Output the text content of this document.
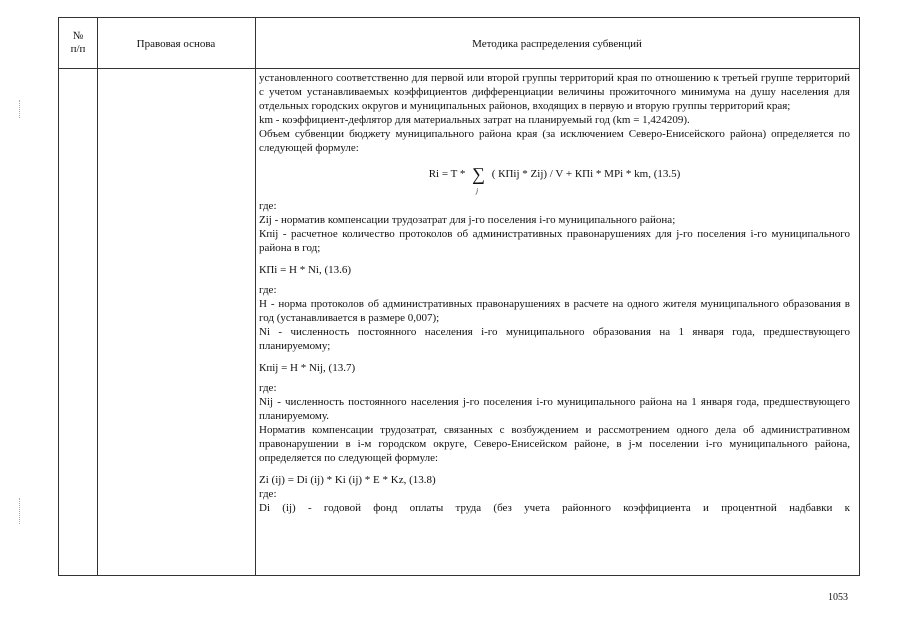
№
п/п	Правовая основа	Методика распределения субвенций

установленного соответственно для первой или второй группы территорий края по отношению к третьей группе территорий с учетом устанавливаемых коэффициентов дифференциации величины прожиточного минимума на душу населения для отдельных городских округов и муниципальных районов, входящих в первую и вторую группы территорий края;

km - коэффициент-дефлятор для материальных затрат на планируемый год (km = 1,424209).

Объем субвенции бюджету муниципального района края (за исключением Северо-Енисейского района) определяется по следующей формуле:

Ri = T * ∑
j
( КПij * Zij) / V + КПi * МРi * km, (13.5)

где:

Zij - норматив компенсации трудозатрат для j-го поселения i-го муниципального района;

Кпij - расчетное количество протоколов об административных правонарушениях для j-го поселения i-го муниципального района в год;

КПi = Н * Ni, (13.6)

где:

Н - норма протоколов об административных правонарушениях в расчете на одного жителя муниципального образования в год (устанавливается в размере 0,007);

Ni - численность постоянного населения i-го муниципального образования на 1 января года, предшествующего планируемому;

Кпij = Н * Nij, (13.7)

где:

Nij - численность постоянного населения j-го поселения i-го муниципального района на 1 января года, предшествующего планируемому.

Норматив компенсации трудозатрат, связанных с возбуждением и рассмотрением одного дела об административном правонарушении в i-м городском округе, Северо-Енисейском районе, в j-м поселении i-го муниципального района, определяется по следующей формуле:

Zi (ij) = Di (ij) * Ki (ij) * Е * Kz, (13.8)

где:

Di (ij) - годовой фонд оплаты труда (без учета районного коэффициента и процентной надбавки к

1053
